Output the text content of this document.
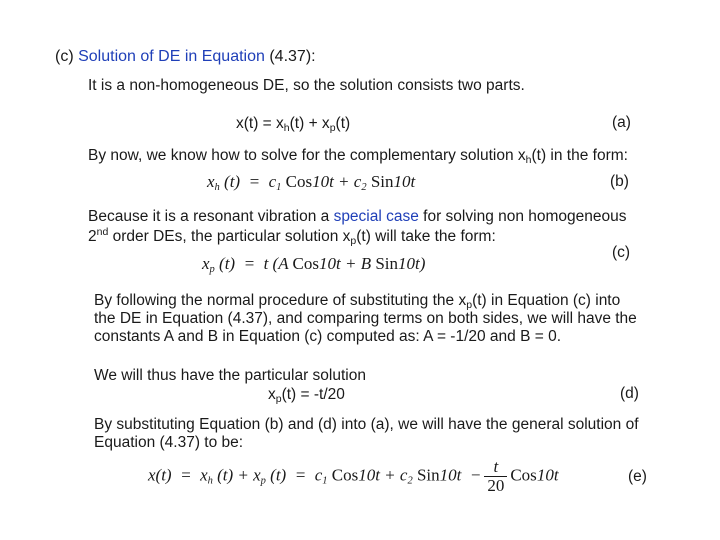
(c) Solution of DE in Equation (4.37):
It is a non-homogeneous DE, so the solution consists two parts.
$x(t) = x_h(t) + x_p(t)$	(a)
By now, we know how to solve for the complementary solution $x_h(t)$ in the form:
$x_h$ $(t) = c_1$ $Cos10t + c_2$ Sin10t	(b)
Because it is a resonant vibration a special case for solving non homogeneous
2nd order DEs, the particular solution $x_p(t)$ will take the form:
(c)
$x_p$ (t)  =  t (A Cos10t + B Sin10t)
By following the normal procedure of substituting the $x_p(t)$ in Equation (c) into
the DE in Equation (4.37), and comparing terms on both sides, we will have the
constants A and B in Equation (c) computed as: A = -1/20 and B = 0.
We will thus have the particular solution
$x_p(t) = -t/20$	(d)
By substituting Equation (b) and (d) into (a), we will have the general solution of
Equation (4.37) to be:
$x(t) = x_h$ $(t) + x_p$ $(t) = c_1$ $Cos10t + c_2$ $Sin10t - \frac{t}{20} Cos10t$	(e)
